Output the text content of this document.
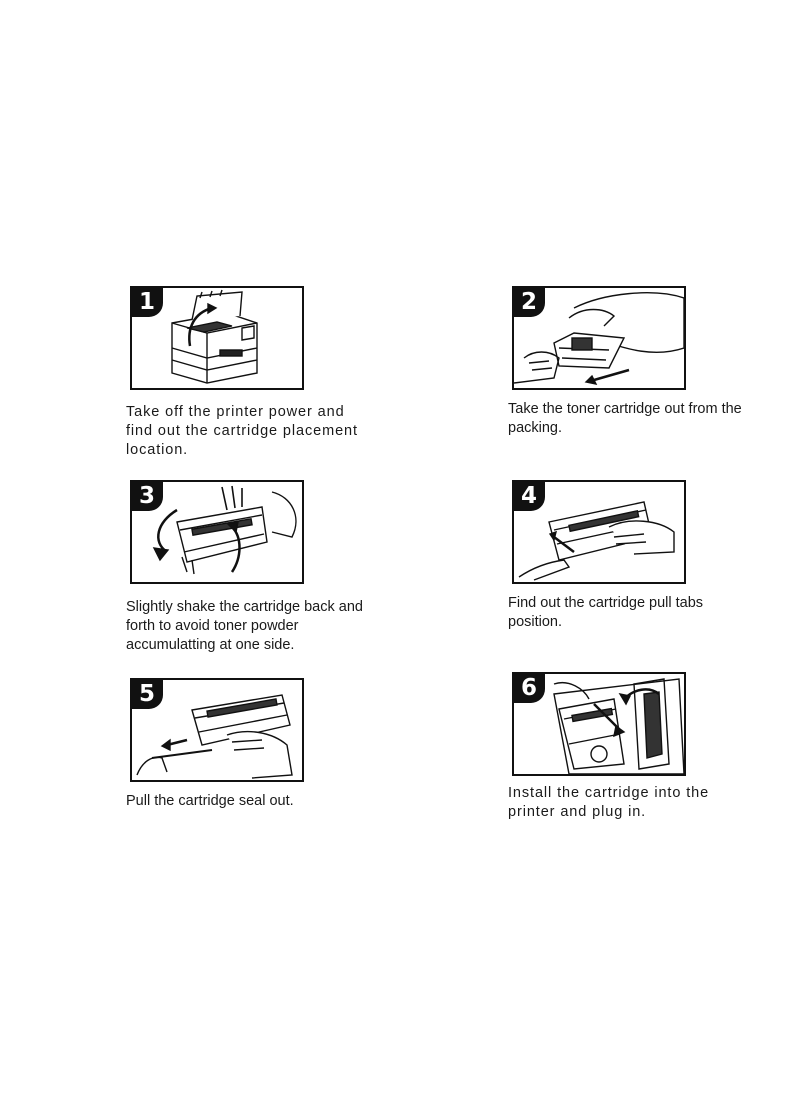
1

Take off the printer power and find out the cartridge placement location.

2

Take the toner cartridge out from the packing.

3

Slightly shake the cartridge back and forth to avoid toner powder accumulatting at one side.

4

Find out the cartridge pull tabs position.

5

Pull the cartridge seal out.

6

Install the cartridge into the printer and plug in.
